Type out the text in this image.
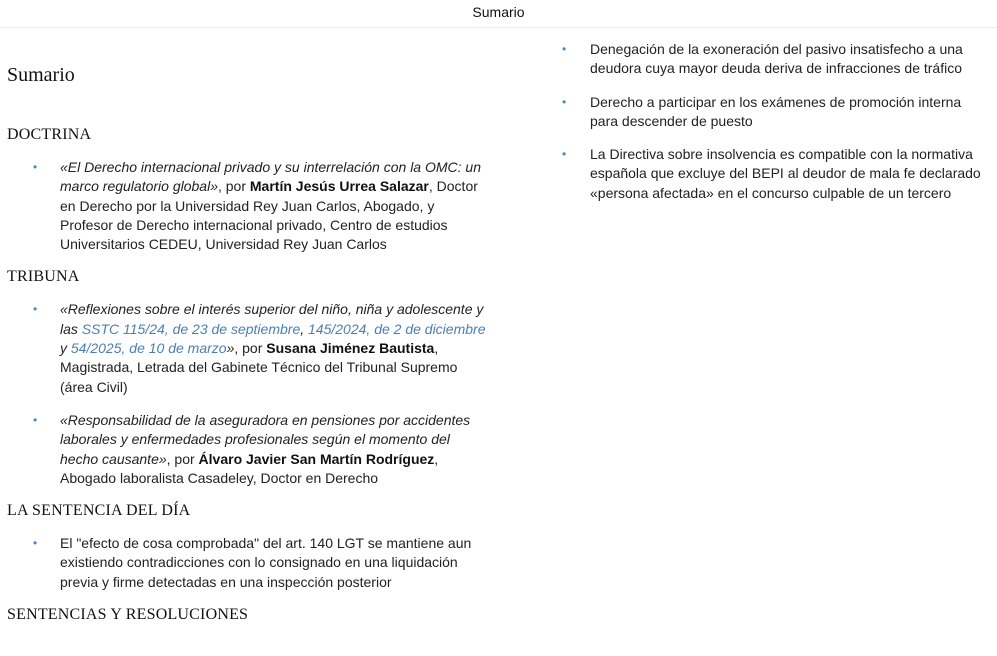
Sumario
Sumario
DOCTRINA
• «El Derecho internacional privado y su interrelación con la OMC: un marco regulatorio global», por Martín Jesús Urrea Salazar, Doctor en Derecho por la Universidad Rey Juan Carlos, Abogado, y Profesor de Derecho internacional privado, Centro de estudios Universitarios CEDEU, Universidad Rey Juan Carlos
TRIBUNA
• «Reflexiones sobre el interés superior del niño, niña y adolescente y las SSTC 115/24, de 23 de septiembre, 145/2024, de 2 de diciembre y 54/2025, de 10 de marzo», por Susana Jiménez Bautista, Magistrada, Letrada del Gabinete Técnico del Tribunal Supremo (área Civil)
• «Responsabilidad de la aseguradora en pensiones por accidentes laborales y enfermedades profesionales según el momento del hecho causante», por Álvaro Javier San Martín Rodríguez, Abogado laboralista Casadeley, Doctor en Derecho
LA SENTENCIA DEL DÍA
• El "efecto de cosa comprobada" del art. 140 LGT se mantiene aun existiendo contradicciones con lo consignado en una liquidación previa y firme detectadas en una inspección posterior
SENTENCIAS Y RESOLUCIONES
• Denegación de la exoneración del pasivo insatisfecho a una deudora cuya mayor deuda deriva de infracciones de tráfico
• Derecho a participar en los exámenes de promoción interna para descender de puesto
• La Directiva sobre insolvencia es compatible con la normativa española que excluye del BEPI al deudor de mala fe declarado «persona afectada» en el concurso culpable de un tercero
